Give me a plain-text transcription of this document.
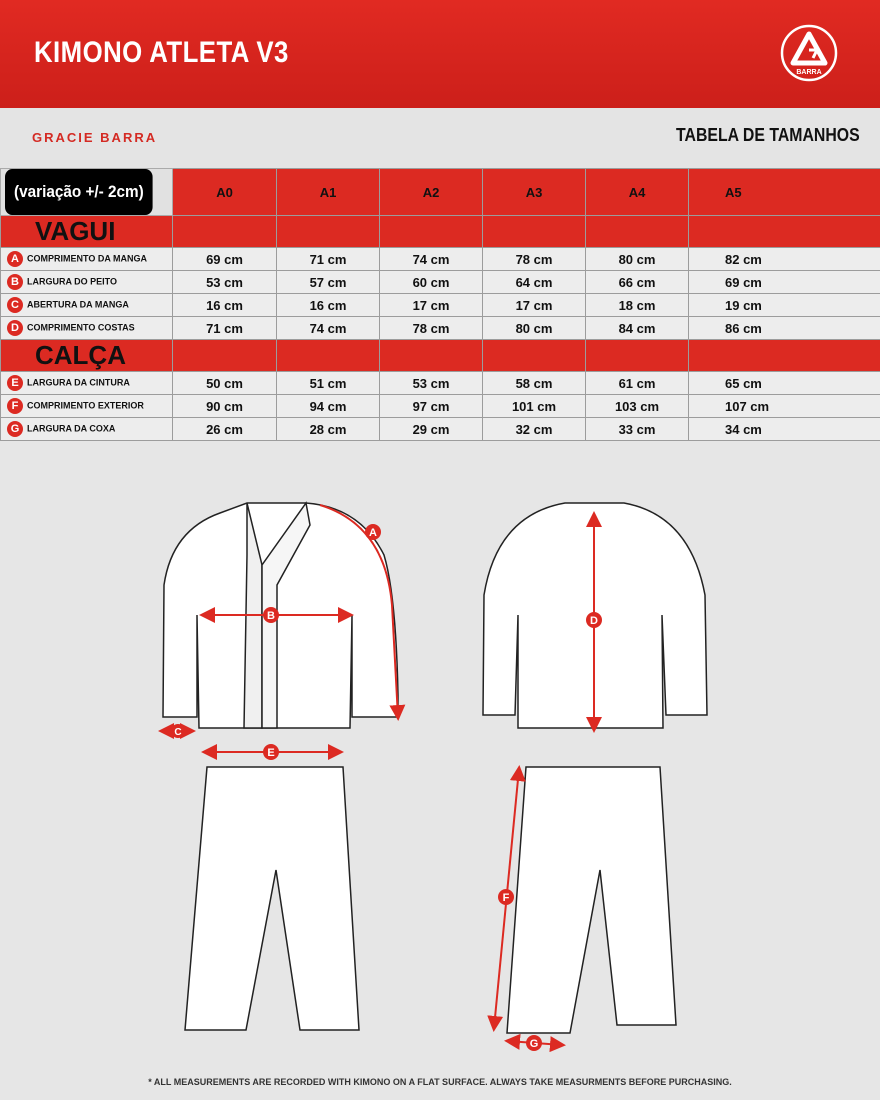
KIMONO ATLETA V3
BARRA
GRACIE BARRA	TABELA DE TAMANHOS
(variação +/- 2cm)	A0	A1	A2	A3	A4	A5
VAGUI						
A COMPRIMENTO DA MANGA	69 cm	71 cm	74 cm	78 cm	80 cm	82 cm
B LARGURA DO PEITO	53 cm	57 cm	60 cm	64 cm	66 cm	69 cm
C ABERTURA DA MANGA	16 cm	16 cm	17 cm	17 cm	18 cm	19 cm
D COMPRIMENTO COSTAS	71 cm	74 cm	78 cm	80 cm	84 cm	86 cm
CALÇA						
E LARGURA DA CINTURA	50 cm	51 cm	53 cm	58 cm	61 cm	65 cm
F COMPRIMENTO EXTERIOR	90 cm	94 cm	97 cm	101 cm	103 cm	107 cm
G LARGURA DA COXA	26 cm	28 cm	29 cm	32 cm	33 cm	34 cm
A
B
C
D
E
F
G
* ALL MEASUREMENTS ARE RECORDED WITH KIMONO ON A FLAT SURFACE. ALWAYS TAKE MEASURMENTS BEFORE PURCHASING.
